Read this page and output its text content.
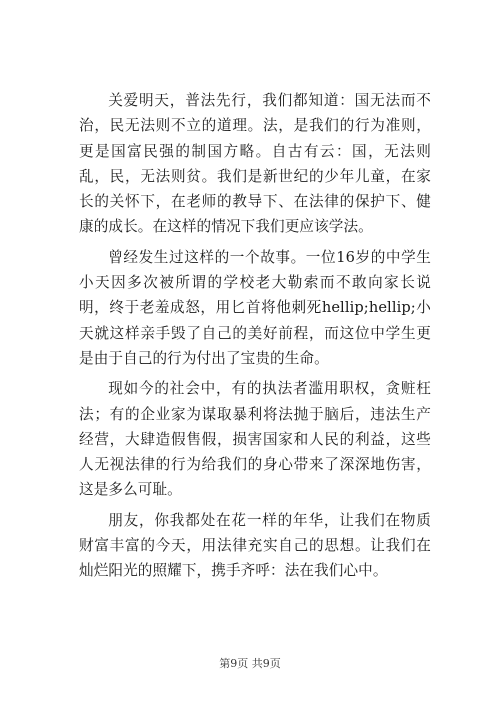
关爱明天，普法先行，我们都知道：国无法而不治，民无法则不立的道理。法，是我们的行为准则，更是国富民强的制国方略。自古有云：国，无法则乱，民，无法则贫。我们是新世纪的少年儿童，在家长的关怀下，在老师的教导下、在法律的保护下、健康的成长。在这样的情况下我们更应该学法。

曾经发生过这样的一个故事。一位16岁的中学生小天因多次被所谓的学校老大勒索而不敢向家长说明，终于老羞成怒，用匕首将他刺死hellip;hellip;小天就这样亲手毁了自己的美好前程，而这位中学生更是由于自己的行为付出了宝贵的生命。

现如今的社会中，有的执法者滥用职权，贪赃枉法；有的企业家为谋取暴利将法抛于脑后，违法生产经营，大肆造假售假，损害国家和人民的利益，这些人无视法律的行为给我们的身心带来了深深地伤害，这是多么可耻。

朋友，你我都处在花一样的年华，让我们在物质财富丰富的今天，用法律充实自己的思想。让我们在灿烂阳光的照耀下，携手齐呼：法在我们心中。

第9页 共9页
